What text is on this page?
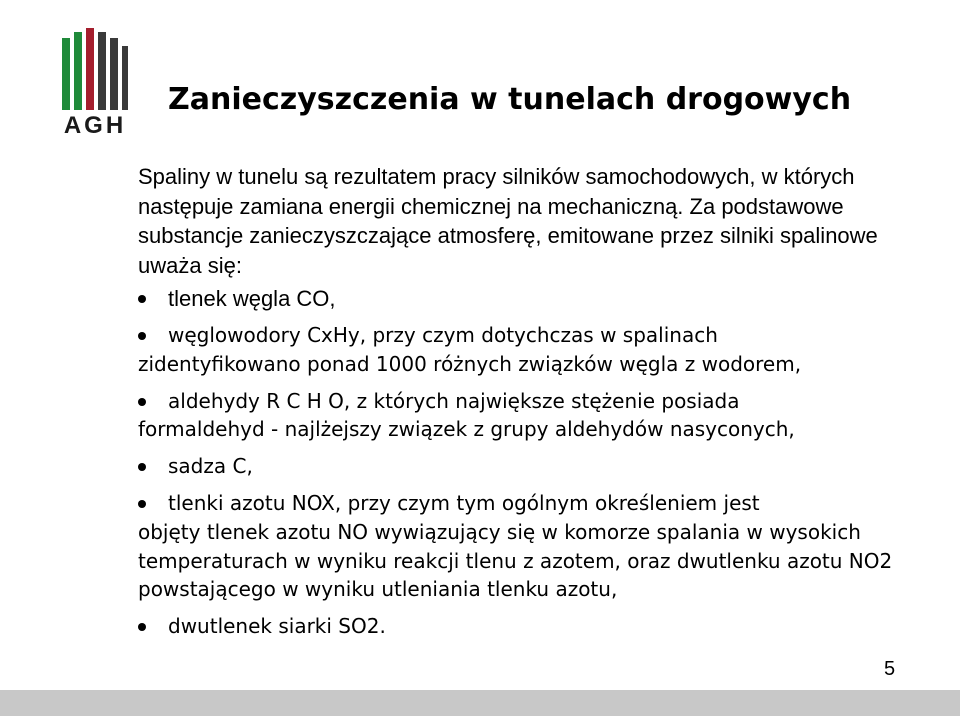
AGH
Zanieczyszczenia w tunelach drogowych

Spaliny w tunelu są rezultatem pracy silników samochodowych, w których następuje zamiana energii chemicznej na mechaniczną. Za podstawowe substancje zanieczyszczające atmosferę, emitowane przez silniki spalinowe uważa się:

tlenek węgla CO,
węglowodory CxHy, przy czym dotychczas w spalinach
zidentyfikowano ponad 1000 różnych związków węgla z wodorem,
aldehydy R C H O, z których największe stężenie posiada
formaldehyd - najlżejszy związek z grupy aldehydów nasyconych,
sadza C,
tlenki azotu NOX, przy czym tym ogólnym określeniem jest
objęty tlenek azotu NO wywiązujący się w komorze spalania w wysokich temperaturach w wyniku reakcji tlenu z azotem, oraz dwutlenku azotu NO2 powstającego w wyniku utleniania tlenku azotu,
dwutlenek siarki SO2.
5
